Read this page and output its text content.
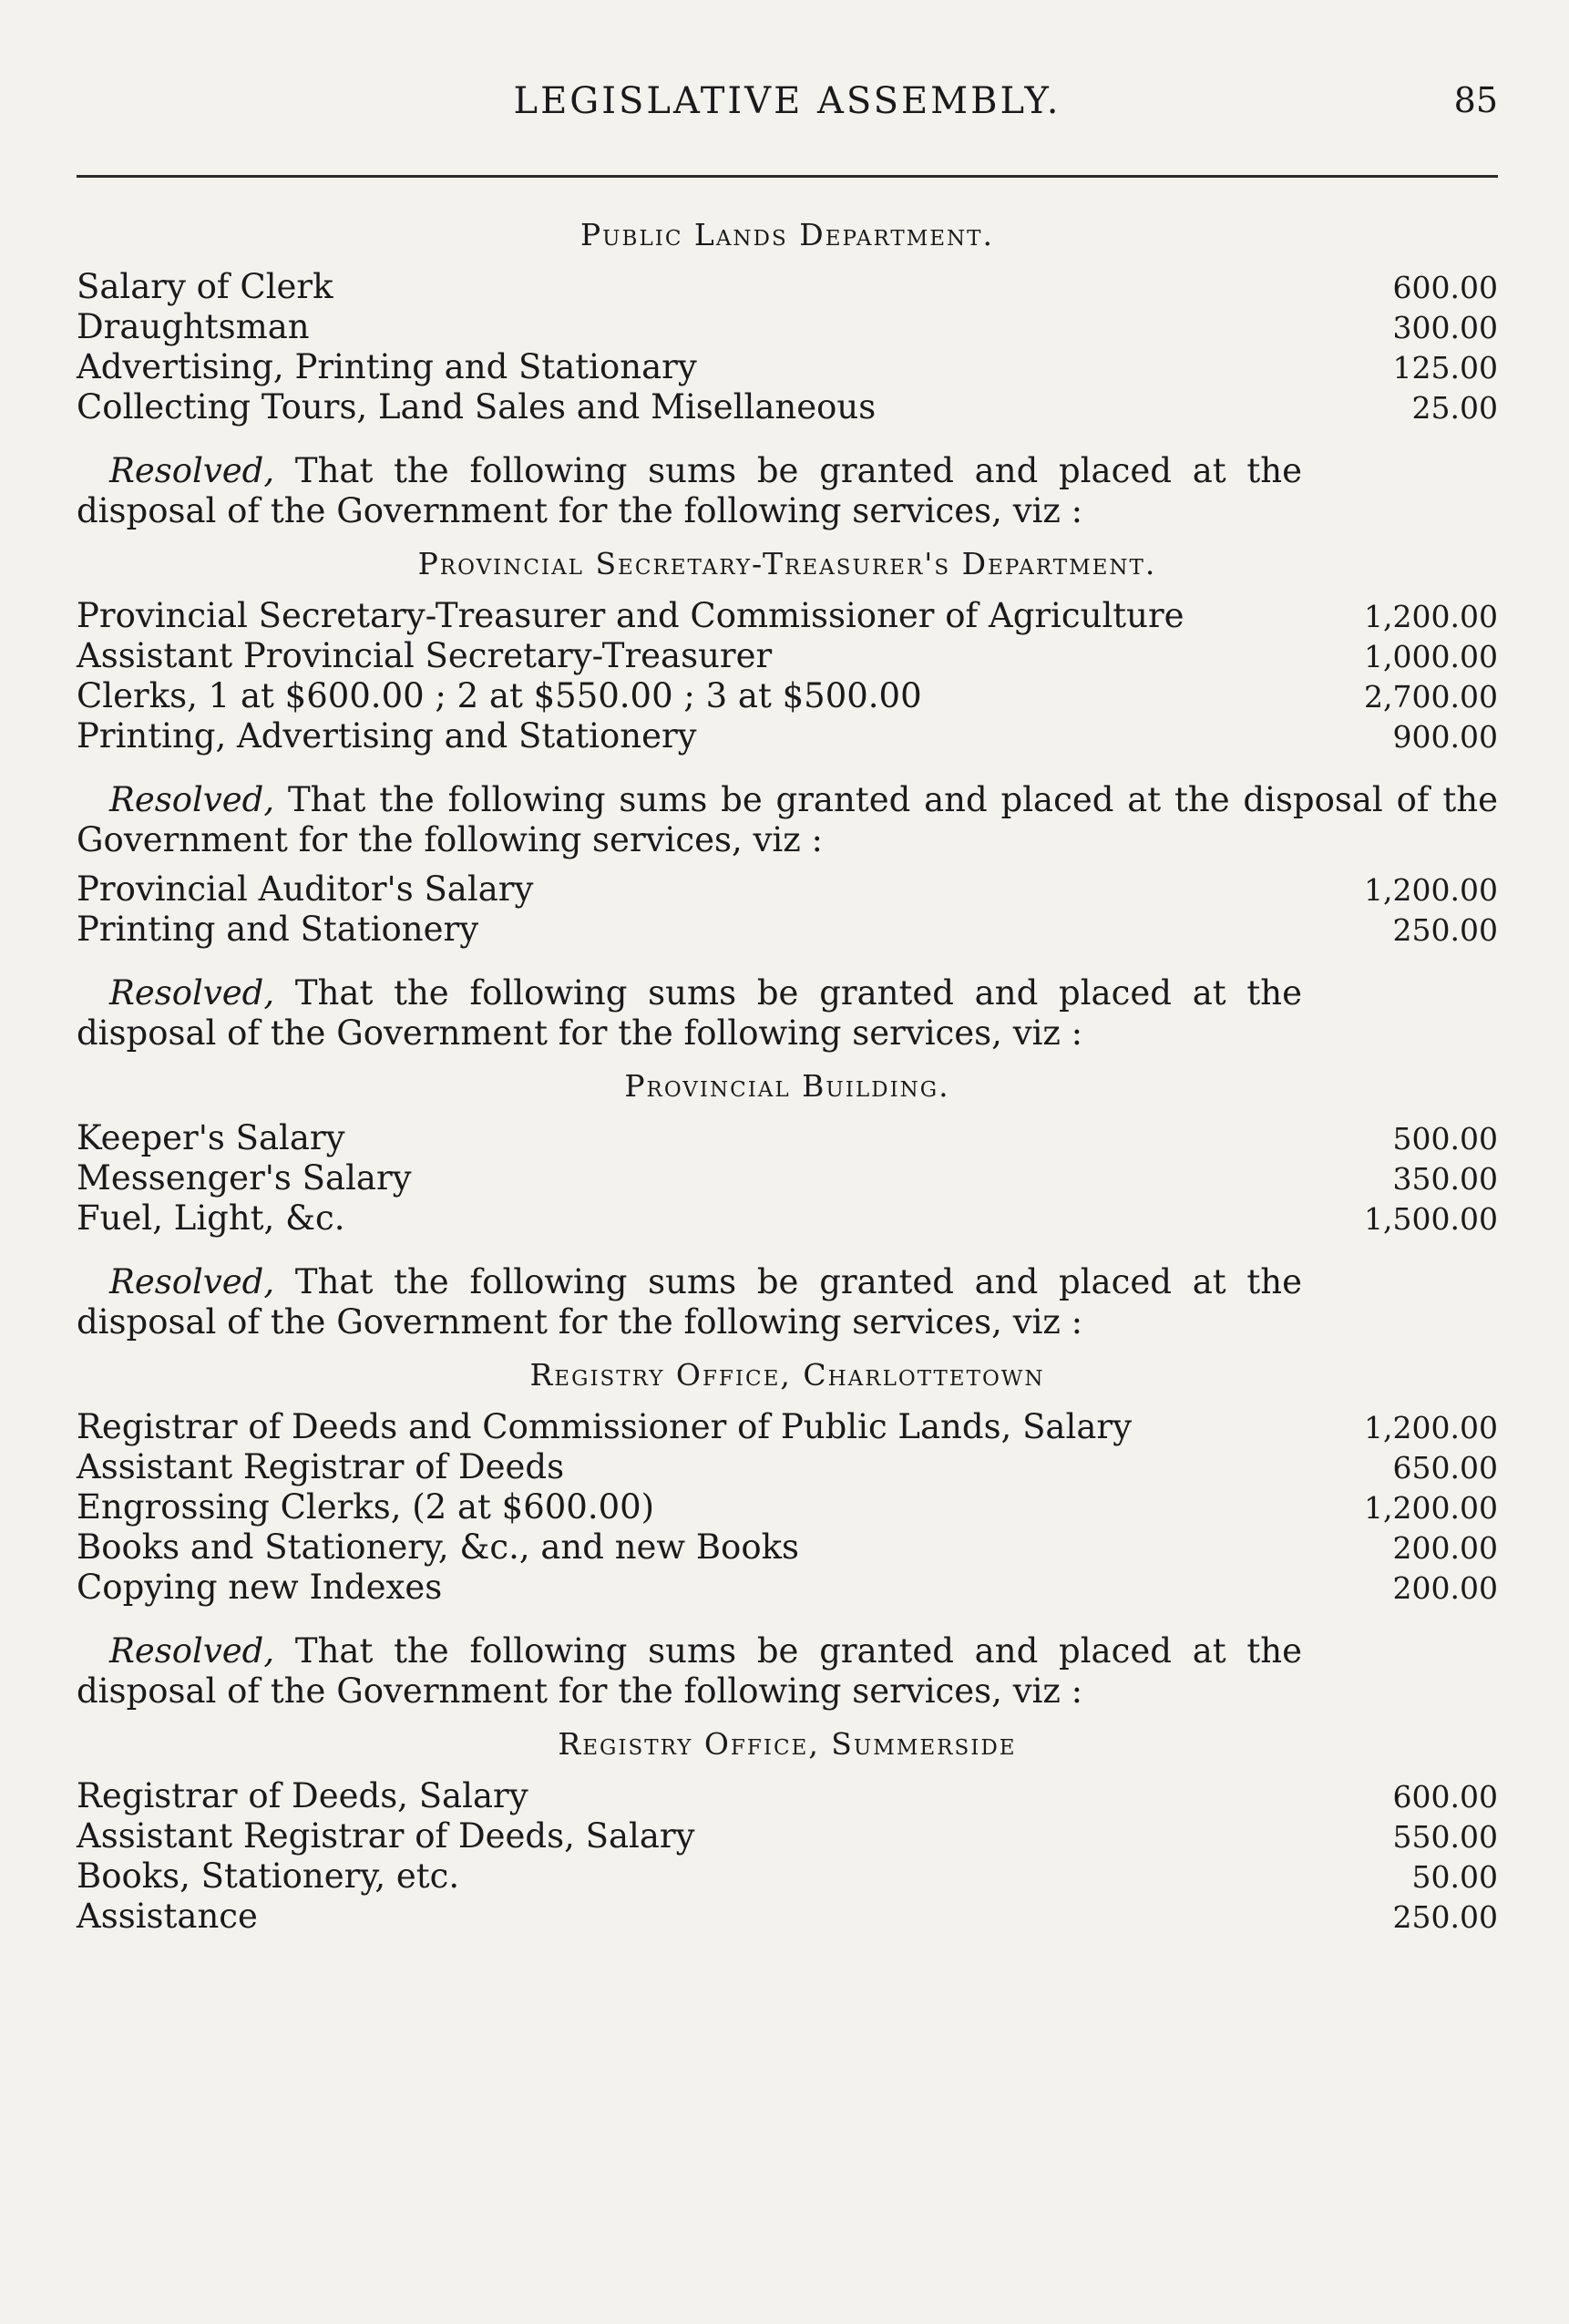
LEGISLATIVE ASSEMBLY.	85
Public Lands Department.
Salary of Clerk	600.00
Draughtsman	300.00
Advertising, Printing and Stationary	125.00
Collecting Tours, Land Sales and Misellaneous	25.00
Resolved, That the following sums be granted and placed at the disposal of the Government for the following services, viz :
Provincial Secretary-Treasurer's Department.
Provincial Secretary-Treasurer and Commissioner of Agriculture	1,200.00
Assistant Provincial Secretary-Treasurer	1,000.00
Clerks, 1 at $600.00 ; 2 at $550.00 ; 3 at $500.00	2,700.00
Printing, Advertising and Stationery	900.00
Resolved, That the following sums be granted and placed at the disposal of the Government for the following services, viz :
Provincial Auditor's Salary	1,200.00
Printing and Stationery	250.00
Resolved, That the following sums be granted and placed at the disposal of the Government for the following services, viz :
Provincial Building.
Keeper's Salary	500.00
Messenger's Salary	350.00
Fuel, Light, &c.	1,500.00
Resolved, That the following sums be granted and placed at the disposal of the Government for the following services, viz :
Registry Office, Charlottetown
Registrar of Deeds and Commissioner of Public Lands, Salary	1,200.00
Assistant Registrar of Deeds	650.00
Engrossing Clerks, (2 at $600.00)	1,200.00
Books and Stationery, &c., and new Books	200.00
Copying new Indexes	200.00
Resolved, That the following sums be granted and placed at the disposal of the Government for the following services, viz :
Registry Office, Summerside
Registrar of Deeds, Salary	600.00
Assistant Registrar of Deeds, Salary	550.00
Books, Stationery, etc.	50.00
Assistance	250.00
